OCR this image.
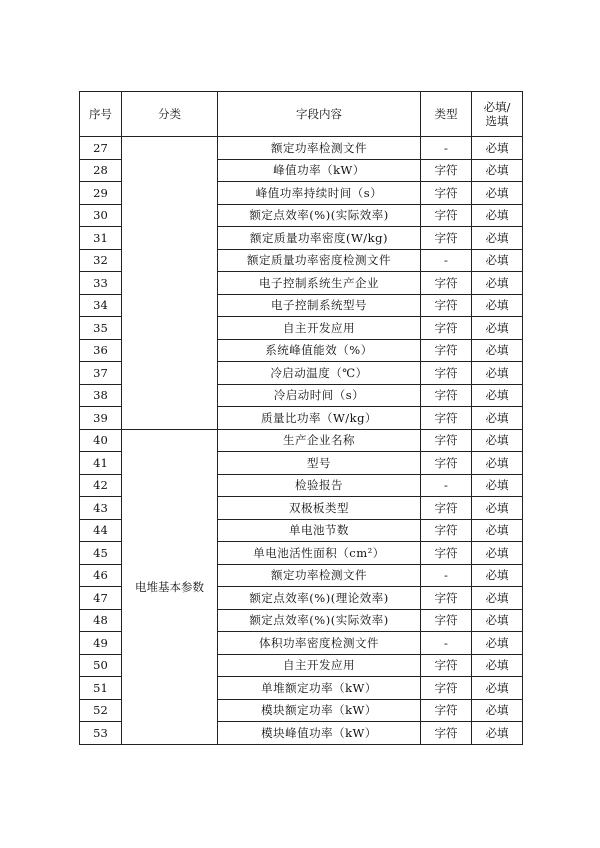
序号	分类	字段内容	类型	必填/
选填

27		额定功率检测文件	-	必填
28		峰值功率（kW）	字符	必填
29		峰值功率持续时间（s）	字符	必填
30		额定点效率(%)(实际效率)	字符	必填
31		额定质量功率密度(W/kg)	字符	必填
32		额定质量功率密度检测文件	-	必填
33		电子控制系统生产企业	字符	必填
34		电子控制系统型号	字符	必填
35		自主开发应用	字符	必填
36		系统峰值能效（%）	字符	必填
37		冷启动温度（℃）	字符	必填
38		冷启动时间（s）	字符	必填
39		质量比功率（W/kg）	字符	必填
40	电堆基本参数	生产企业名称	字符	必填
41		型号	字符	必填
42		检验报告	-	必填
43		双极板类型	字符	必填
44		单电池节数	字符	必填
45		单电池活性面积（cm²）	字符	必填
46		额定功率检测文件	-	必填
47		额定点效率(%)(理论效率)	字符	必填
48		额定点效率(%)(实际效率)	字符	必填
49		体积功率密度检测文件	-	必填
50		自主开发应用	字符	必填
51		单堆额定功率（kW）	字符	必填
52		模块额定功率（kW）	字符	必填
53		模块峰值功率（kW）	字符	必填
